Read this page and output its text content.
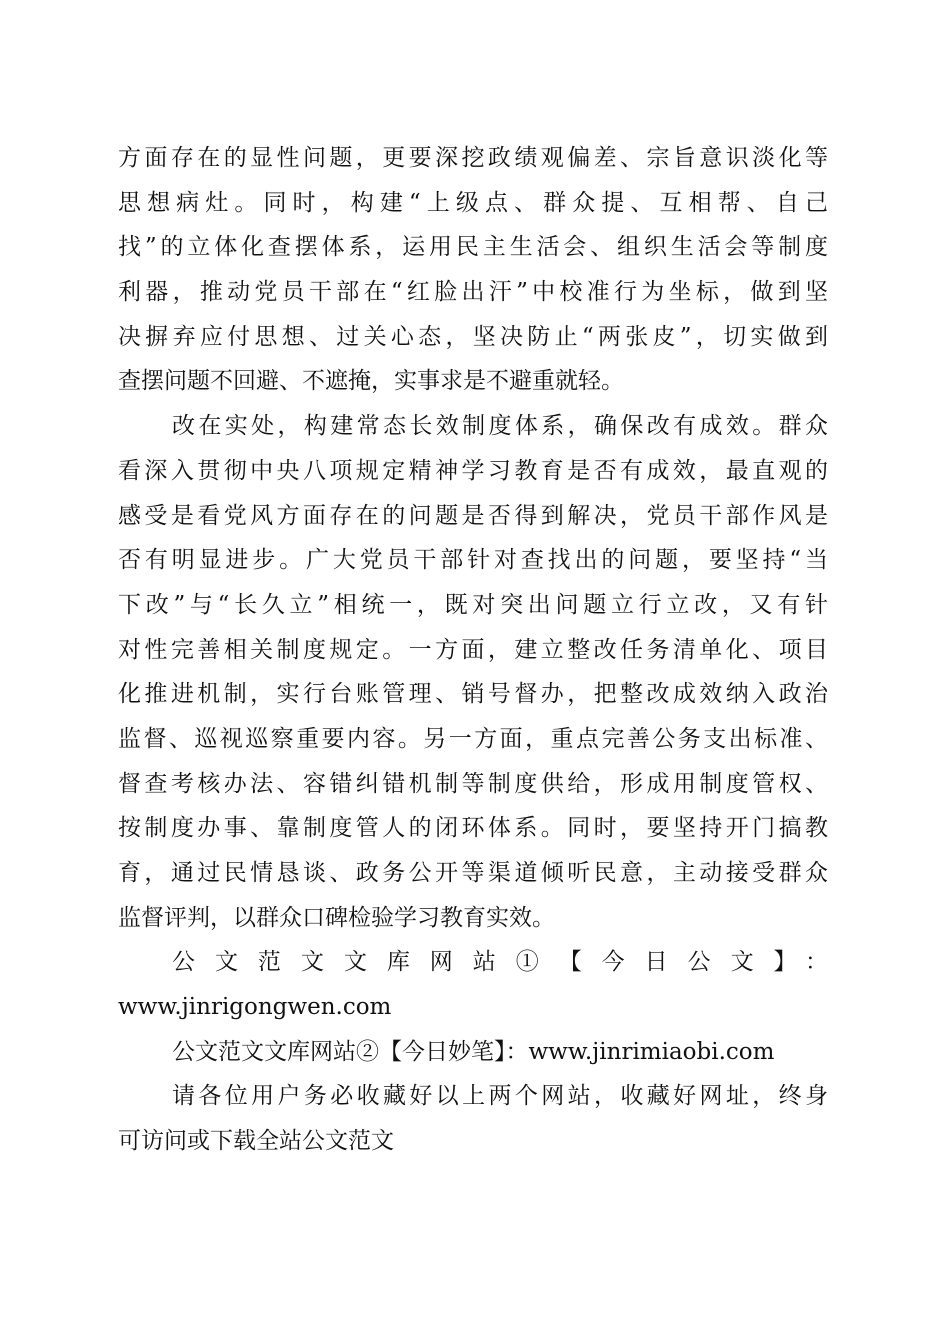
方面存在的显性问题，更要深挖政绩观偏差、宗旨意识淡化等
思想病灶。同时，构建“上级点、群众提、互相帮、自己
找”的立体化查摆体系，运用民主生活会、组织生活会等制度
利器，推动党员干部在“红脸出汗”中校准行为坐标，做到坚
决摒弃应付思想、过关心态，坚决防止“两张皮”，切实做到
查摆问题不回避、不遮掩，实事求是不避重就轻。
改在实处，构建常态长效制度体系，确保改有成效。群众
看深入贯彻中央八项规定精神学习教育是否有成效，最直观的
感受是看党风方面存在的问题是否得到解决，党员干部作风是
否有明显进步。广大党员干部针对查找出的问题，要坚持“当
下改”与“长久立”相统一，既对突出问题立行立改，又有针
对性完善相关制度规定。一方面，建立整改任务清单化、项目
化推进机制，实行台账管理、销号督办，把整改成效纳入政治
监督、巡视巡察重要内容。另一方面，重点完善公务支出标准、
督查考核办法、容错纠错机制等制度供给，形成用制度管权、
按制度办事、靠制度管人的闭环体系。同时，要坚持开门搞教
育，通过民情恳谈、政务公开等渠道倾听民意，主动接受群众
监督评判，以群众口碑检验学习教育实效。
公文范文文库网站①【今日公文】：
www.jinrigongwen.com
公文范文文库网站②【今日妙笔】：www.jinrimiaobi.com
请各位用户务必收藏好以上两个网站，收藏好网址，终身
可访问或下载全站公文范文
